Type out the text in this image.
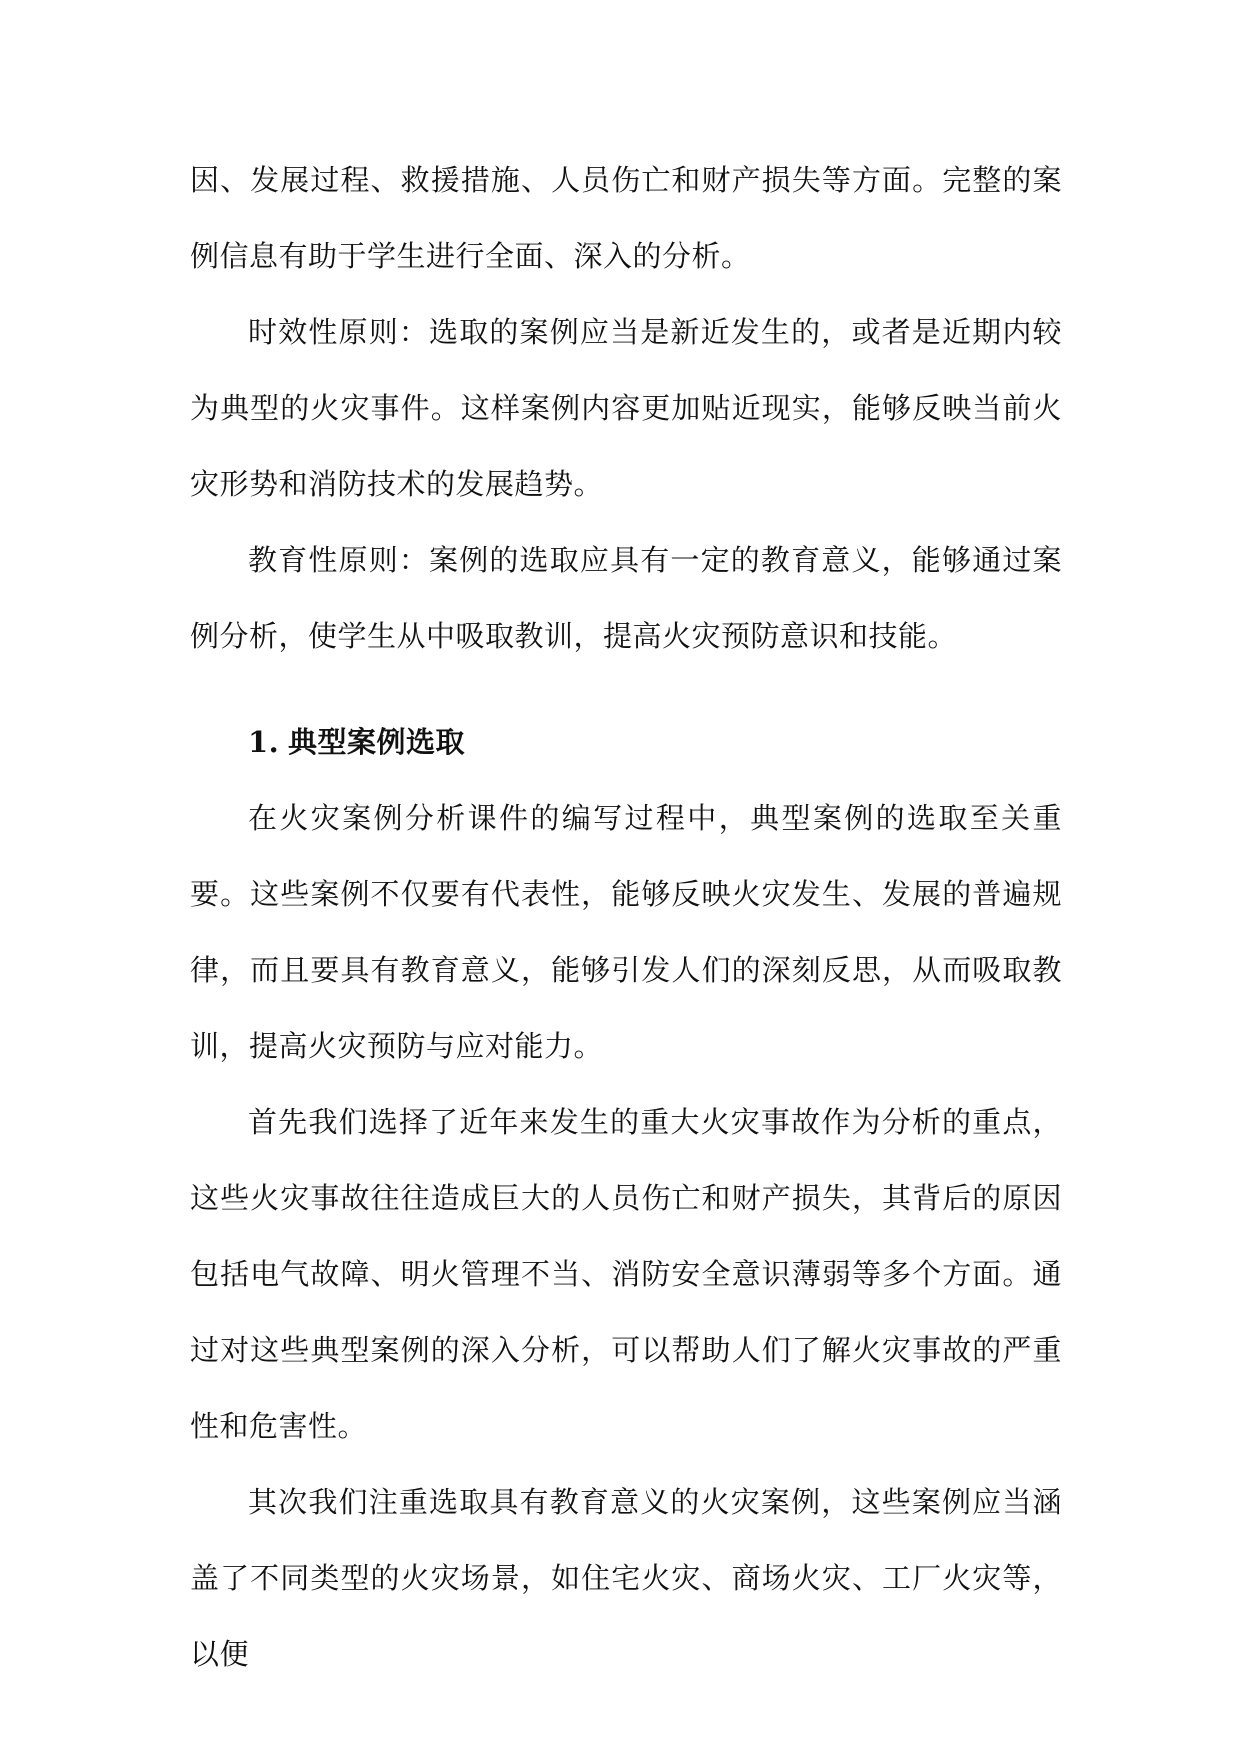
因、发展过程、救援措施、人员伤亡和财产损失等方面。完整的案例信息有助于学生进行全面、深入的分析。

时效性原则：选取的案例应当是新近发生的，或者是近期内较为典型的火灾事件。这样案例内容更加贴近现实，能够反映当前火灾形势和消防技术的发展趋势。

教育性原则：案例的选取应具有一定的教育意义，能够通过案例分析，使学生从中吸取教训，提高火灾预防意识和技能。

1. 典型案例选取

在火灾案例分析课件的编写过程中，典型案例的选取至关重要。这些案例不仅要有代表性，能够反映火灾发生、发展的普遍规律，而且要具有教育意义，能够引发人们的深刻反思，从而吸取教训，提高火灾预防与应对能力。

首先我们选择了近年来发生的重大火灾事故作为分析的重点，这些火灾事故往往造成巨大的人员伤亡和财产损失，其背后的原因包括电气故障、明火管理不当、消防安全意识薄弱等多个方面。通过对这些典型案例的深入分析，可以帮助人们了解火灾事故的严重性和危害性。

其次我们注重选取具有教育意义的火灾案例，这些案例应当涵盖了不同类型的火灾场景，如住宅火灾、商场火灾、工厂火灾等，以便
